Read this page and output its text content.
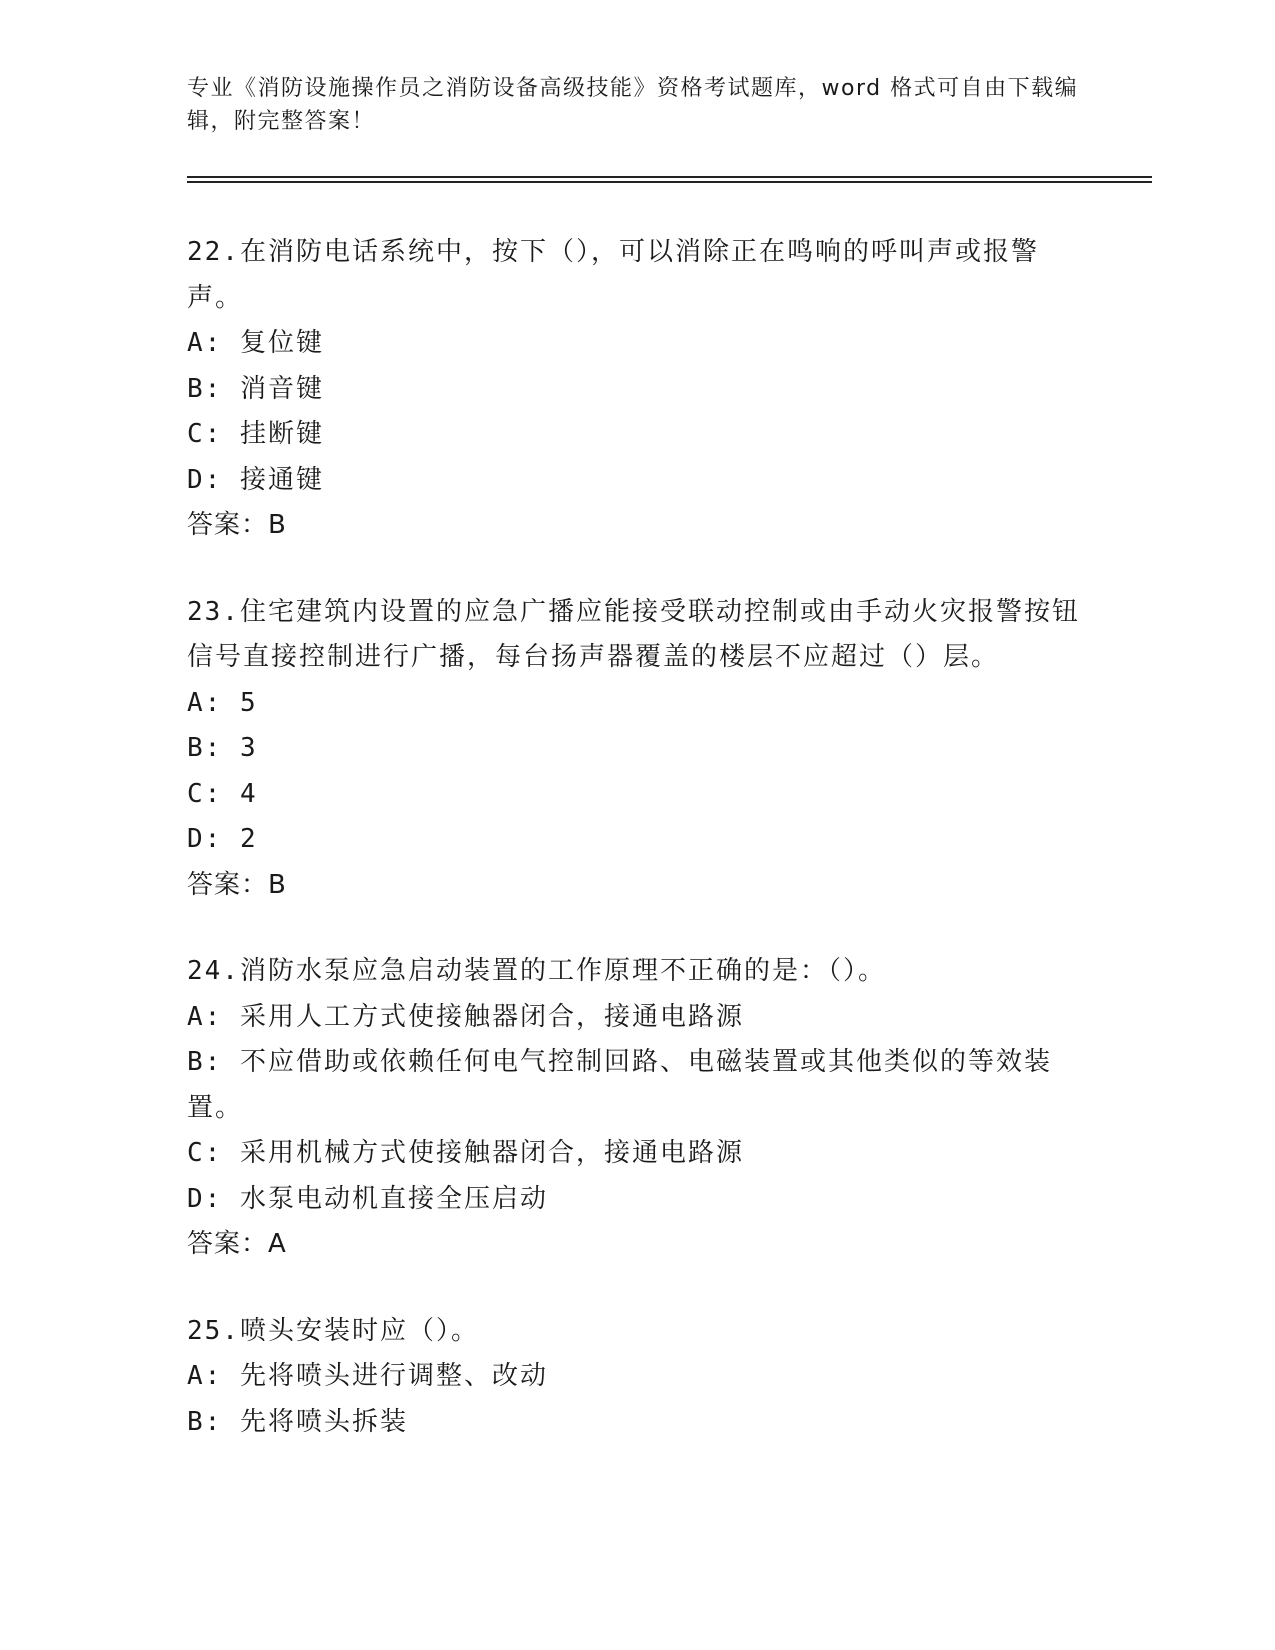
专业《消防设施操作员之消防设备高级技能》资格考试题库，word 格式可自由下载编辑，附完整答案！
22.在消防电话系统中，按下（），可以消除正在鸣响的呼叫声或报警声。
A: 复位键
B: 消音键
C: 挂断键
D: 接通键
答案：B
23.住宅建筑内设置的应急广播应能接受联动控制或由手动火灾报警按钮信号直接控制进行广播，每台扬声器覆盖的楼层不应超过（）层。
A: 5
B: 3
C: 4
D: 2
答案：B
24.消防水泵应急启动装置的工作原理不正确的是：（）。
A: 采用人工方式使接触器闭合，接通电路源
B: 不应借助或依赖任何电气控制回路、电磁装置或其他类似的等效装置。
C: 采用机械方式使接触器闭合，接通电路源
D: 水泵电动机直接全压启动
答案：A
25.喷头安装时应（）。
A: 先将喷头进行调整、改动
B: 先将喷头拆装
